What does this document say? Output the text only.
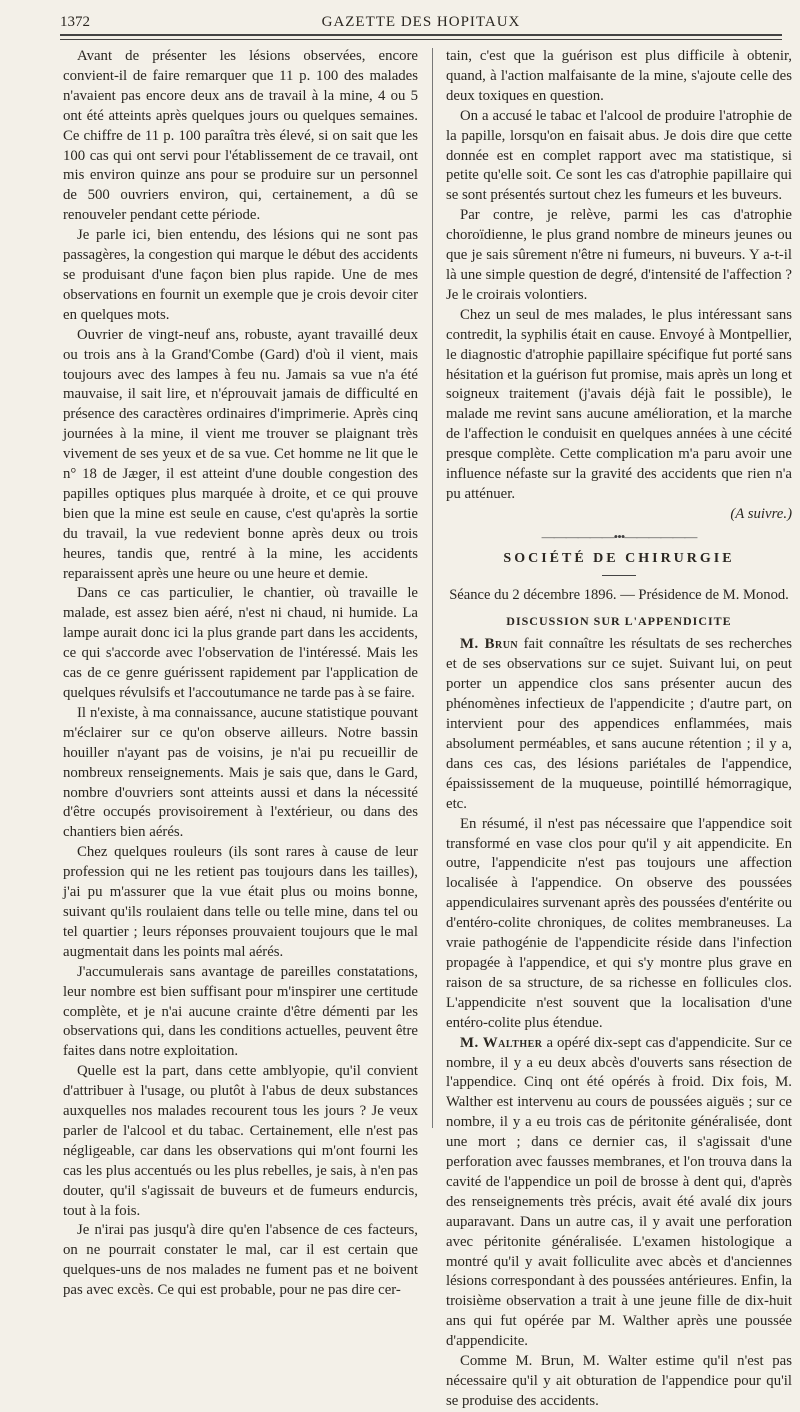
1372	GAZETTE DES HOPITAUX

Avant de présenter les lésions observées, encore convient-il de faire remarquer que 11 p. 100 des malades n'avaient pas encore deux ans de travail à la mine, 4 ou 5 ont été atteints après quelques jours ou quelques semaines. Ce chiffre de 11 p. 100 paraîtra très élevé, si on sait que les 100 cas qui ont servi pour l'établissement de ce travail, ont mis environ quinze ans pour se produire sur un personnel de 500 ouvriers environ, qui, certainement, a dû se renouveler pendant cette période.

Je parle ici, bien entendu, des lésions qui ne sont pas passagères, la congestion qui marque le début des accidents se produisant d'une façon bien plus rapide. Une de mes observations en fournit un exemple que je crois devoir citer en quelques mots.

Ouvrier de vingt-neuf ans, robuste, ayant travaillé deux ou trois ans à la Grand'Combe (Gard) d'où il vient, mais toujours avec des lampes à feu nu. Jamais sa vue n'a été mauvaise, il sait lire, et n'éprouvait jamais de difficulté en présence des caractères ordinaires d'imprimerie. Après cinq journées à la mine, il vient me trouver se plaignant très vivement de ses yeux et de sa vue. Cet homme ne lit que le n° 18 de Jæger, il est atteint d'une double congestion des papilles optiques plus marquée à droite, et ce qui prouve bien que la mine est seule en cause, c'est qu'après la sortie du travail, la vue redevient bonne après deux ou trois heures, tandis que, rentré à la mine, les accidents reparaissent après une heure ou une heure et demie.

Dans ce cas particulier, le chantier, où travaille le malade, est assez bien aéré, n'est ni chaud, ni humide. La lampe aurait donc ici la plus grande part dans les accidents, ce qui s'accorde avec l'observation de l'intéressé. Mais les cas de ce genre guérissent rapidement par l'application de quelques révulsifs et l'accoutumance ne tarde pas à se faire.

Il n'existe, à ma connaissance, aucune statistique pouvant m'éclairer sur ce qu'on observe ailleurs. Notre bassin houiller n'ayant pas de voisins, je n'ai pu recueillir de nombreux renseignements. Mais je sais que, dans le Gard, nombre d'ouvriers sont atteints aussi et dans la nécessité d'être occupés provisoirement à l'extérieur, ou dans des chantiers bien aérés.

Chez quelques rouleurs (ils sont rares à cause de leur profession qui ne les retient pas toujours dans les tailles), j'ai pu m'assurer que la vue était plus ou moins bonne, suivant qu'ils roulaient dans telle ou telle mine, dans tel ou tel quartier ; leurs réponses prouvaient toujours que le mal augmentait dans les points mal aérés.

J'accumulerais sans avantage de pareilles constatations, leur nombre est bien suffisant pour m'inspirer une certitude complète, et je n'ai aucune crainte d'être démenti par les observations qui, dans les conditions actuelles, peuvent être faites dans notre exploitation.

Quelle est la part, dans cette amblyopie, qu'il convient d'attribuer à l'usage, ou plutôt à l'abus de deux substances auxquelles nos malades recourent tous les jours ? Je veux parler de l'alcool et du tabac. Certainement, elle n'est pas négligeable, car dans les observations qui m'ont fourni les cas les plus accentués ou les plus rebelles, je sais, à n'en pas douter, qu'il s'agissait de buveurs et de fumeurs endurcis, tout à la fois.

Je n'irai pas jusqu'à dire qu'en l'absence de ces facteurs, on ne pourrait constater le mal, car il est certain que quelques-uns de nos malades ne fument pas et ne boivent pas avec excès. Ce qui est probable, pour ne pas dire cer-

tain, c'est que la guérison est plus difficile à obtenir, quand, à l'action malfaisante de la mine, s'ajoute celle des deux toxiques en question.

On a accusé le tabac et l'alcool de produire l'atrophie de la papille, lorsqu'on en faisait abus. Je dois dire que cette donnée est en complet rapport avec ma statistique, si petite qu'elle soit. Ce sont les cas d'atrophie papillaire qui se sont présentés surtout chez les fumeurs et les buveurs.

Par contre, je relève, parmi les cas d'atrophie choroïdienne, le plus grand nombre de mineurs jeunes ou que je sais sûrement n'être ni fumeurs, ni buveurs. Y a-t-il là une simple question de degré, d'intensité de l'affection ? Je le croirais volontiers.

Chez un seul de mes malades, le plus intéressant sans contredit, la syphilis était en cause. Envoyé à Montpellier, le diagnostic d'atrophie papillaire spécifique fut porté sans hésitation et la guérison fut promise, mais après un long et soigneux traitement (j'avais déjà fait le possible), le malade me revint sans aucune amélioration, et la marche de l'affection le conduisit en quelques années à une cécité presque complète. Cette complication m'a paru avoir une influence néfaste sur la gravité des accidents que rien n'a pu atténuer.

(A suivre.)
——————•••——————
SOCIÉTÉ DE CHIRURGIE
Séance du 2 décembre 1896. — Présidence de M. Monod.
DISCUSSION SUR L'APPENDICITE

M. Brun fait connaître les résultats de ses recherches et de ses observations sur ce sujet. Suivant lui, on peut porter un appendice clos sans présenter aucun des phénomènes infectieux de l'appendicite ; d'autre part, on intervient pour des appendices enflammées, mais absolument perméables, et sans aucune rétention ; il y a, dans ces cas, des lésions pariétales de l'appendice, épaississement de la muqueuse, pointillé hémorragique, etc.

En résumé, il n'est pas nécessaire que l'appendice soit transformé en vase clos pour qu'il y ait appendicite. En outre, l'appendicite n'est pas toujours une affection localisée à l'appendice. On observe des poussées appendiculaires survenant après des poussées d'entérite ou d'entéro-colite chroniques, de colites membraneuses. La vraie pathogénie de l'appendicite réside dans l'infection propagée à l'appendice, et qui s'y montre plus grave en raison de sa structure, de sa richesse en follicules clos. L'appendicite n'est souvent que la localisation d'une entéro-colite plus étendue.

M. Walther a opéré dix-sept cas d'appendicite. Sur ce nombre, il y a eu deux abcès d'ouverts sans résection de l'appendice. Cinq ont été opérés à froid. Dix fois, M. Walther est intervenu au cours de poussées aiguës ; sur ce nombre, il y a eu trois cas de péritonite généralisée, dont une mort ; dans ce dernier cas, il s'agissait d'une perforation avec fausses membranes, et l'on trouva dans la cavité de l'appendice un poil de brosse à dent qui, d'après des renseignements très précis, avait été avalé dix jours auparavant. Dans un autre cas, il y avait une perforation avec péritonite généralisée. L'examen histologique a montré qu'il y avait folliculite avec abcès et d'anciennes lésions correspondant à des poussées antérieures. Enfin, la troisième observation a trait à une jeune fille de dix-huit ans qui fut opérée par M. Walther après une poussée d'appendicite.

Comme M. Brun, M. Walter estime qu'il n'est pas nécessaire qu'il y ait obturation de l'appendice pour qu'il se produise des accidents.
